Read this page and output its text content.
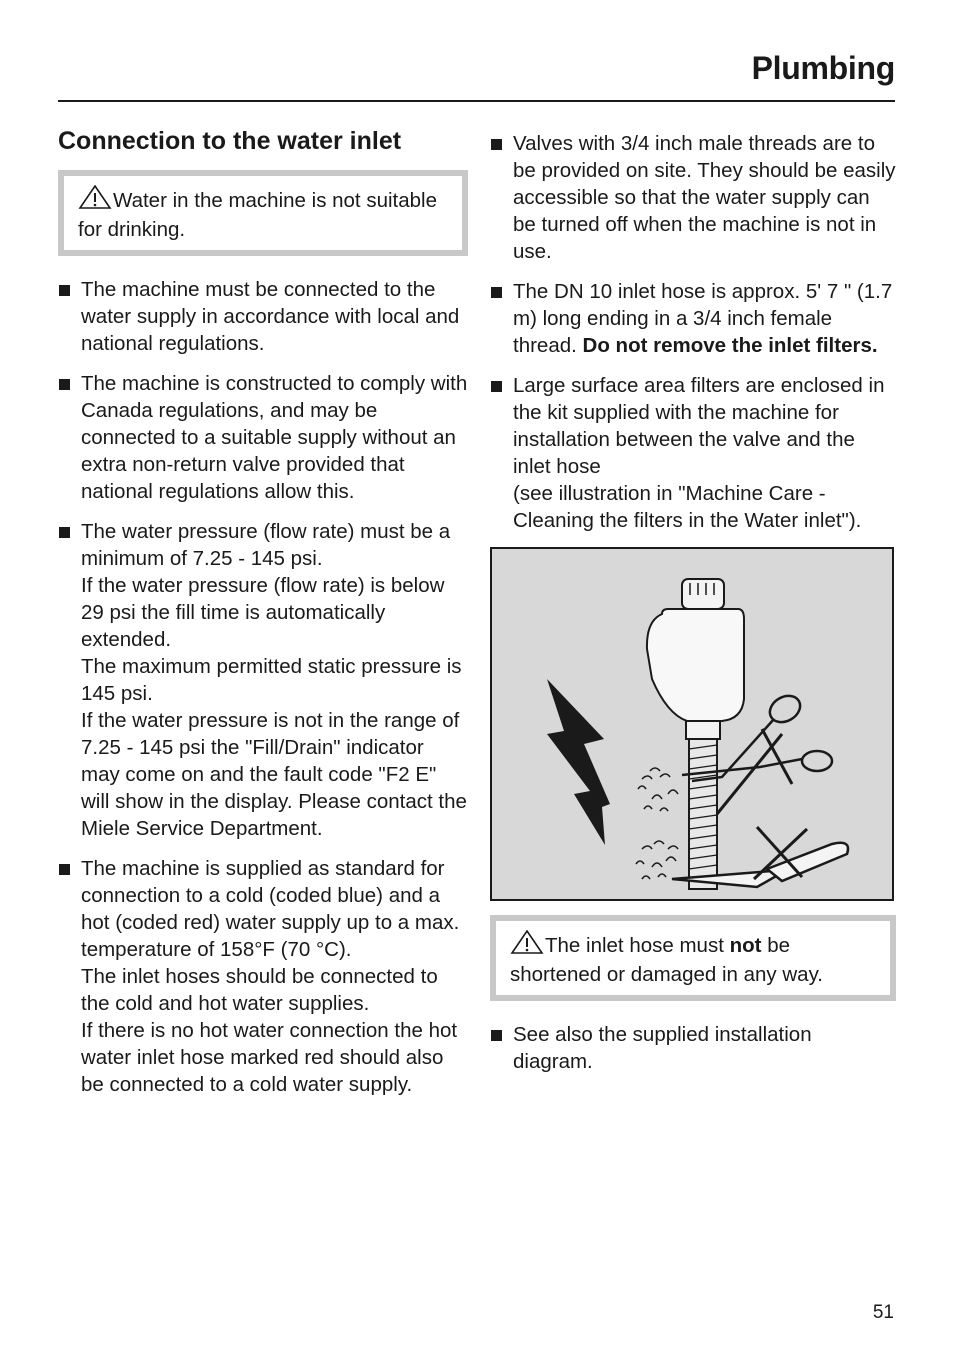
Plumbing
Connection to the water inlet
Water in the machine is not suitable for drinking.

The machine must be connected to the water supply in accordance with local and national regulations.

The machine is constructed to comply with Canada regulations, and may be connected to a suitable supply without an extra non-return valve provided that national regulations allow this.

The water pressure (flow rate) must be a minimum of 7.25 - 145 psi.

If the water pressure (flow rate) is below 29 psi the fill time is automatically extended.

The maximum permitted static pressure is 145 psi.

If the water pressure is not in the range of 7.25 - 145 psi the "Fill/Drain" indicator may come on and the fault code "F2 E" will show in the display. Please contact the Miele Service Department.

The machine is supplied as standard for connection to a cold (coded blue) and a hot (coded red) water supply up to a max. temperature of 158°F (70 °C).

The inlet hoses should be connected to the cold and hot water supplies.

If there is no hot water connection the hot water inlet hose marked red should also be connected to a cold water supply.

Valves with 3/4 inch male threads are to be provided on site. They should be easily accessible so that the water supply can be turned off when the machine is not in use.

The DN 10 inlet hose is approx. 5' 7 " (1.7 m) long ending in a 3/4 inch female thread. Do not remove the inlet filters.

Large surface area filters are enclosed in the kit supplied with the machine for installation between the valve and the inlet hose

(see illustration in "Machine Care - Cleaning the filters in the Water inlet").

The inlet hose must not be shortened or damaged in any way.

See also the supplied installation diagram.

51
